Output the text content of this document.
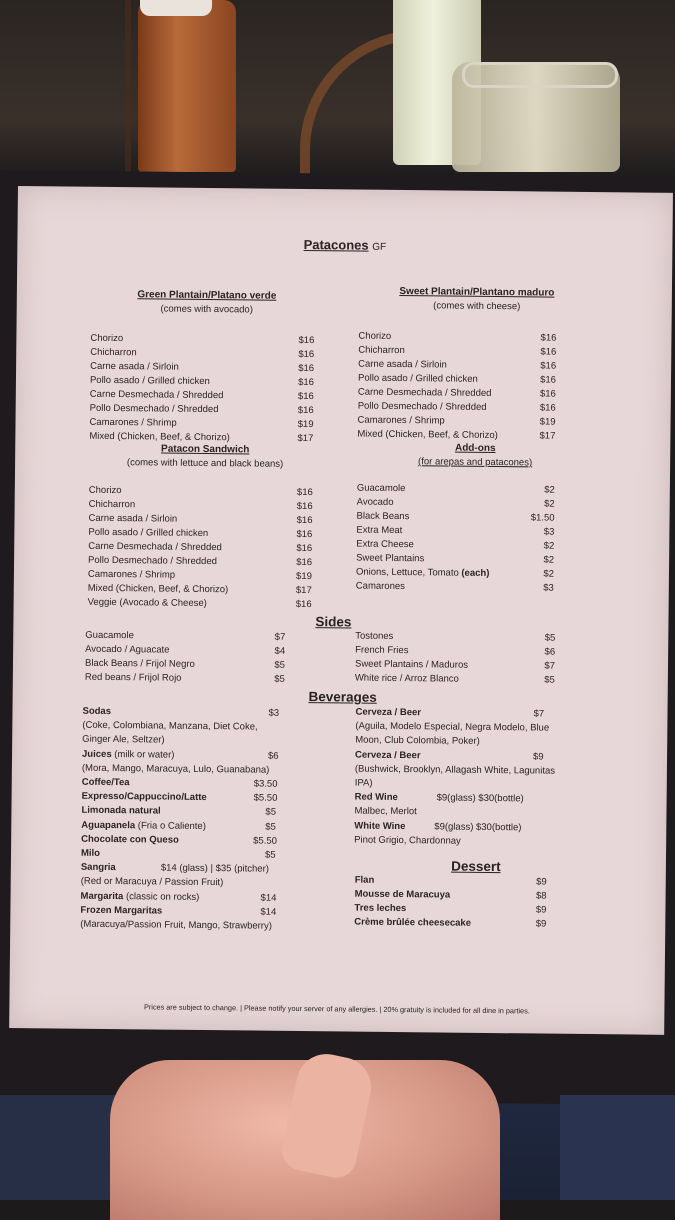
Patacones GF
Green Plantain/Platano verde
(comes with avocado)
Chorizo	$16
Chicharron	$16
Carne asada / Sirloin	$16
Pollo asado / Grilled chicken	$16
Carne Desmechada / Shredded	$16
Pollo Desmechado / Shredded	$16
Camarones / Shrimp	$19
Mixed (Chicken, Beef, & Chorizo)	$17
Sweet Plantain/Plantano maduro
(comes with cheese)
Chorizo	$16
Chicharron	$16
Carne asada / Sirloin	$16
Pollo asado / Grilled chicken	$16
Carne Desmechada / Shredded	$16
Pollo Desmechado / Shredded	$16
Camarones / Shrimp	$19
Mixed (Chicken, Beef, & Chorizo)	$17
Patacon Sandwich
(comes with lettuce and black beans)
Chorizo	$16
Chicharron	$16
Carne asada / Sirloin	$16
Pollo asado / Grilled chicken	$16
Carne Desmechada / Shredded	$16
Pollo Desmechado / Shredded	$16
Camarones / Shrimp	$19
Mixed (Chicken, Beef, & Chorizo)	$17
Veggie (Avocado & Cheese)	$16
Add-ons
(for arepas and patacones)
Guacamole	$2
Avocado	$2
Black Beans	$1.50
Extra Meat	$3
Extra Cheese	$2
Sweet Plantains	$2
Onions, Lettuce, Tomato (each)	$2
Camarones	$3
Sides
Guacamole	$7
Avocado / Aguacate	$4
Black Beans / Frijol Negro	$5
Red beans / Frijol Rojo	$5
Tostones	$5
French Fries	$6
Sweet Plantains / Maduros	$7
White rice / Arroz Blanco	$5
Beverages
Sodas	$3
(Coke, Colombiana, Manzana, Diet Coke,
Ginger Ale, Seltzer)
Juices (milk or water)	$6
(Mora, Mango, Maracuya, Lulo, Guanabana)
Coffee/Tea	$3.50
Expresso/Cappuccino/Latte	$5.50
Limonada natural	$5
Aguapanela (Fria o Caliente)	$5
Chocolate con Queso	$5.50
Milo	$5
Sangria	$14 (glass) | $35 (pitcher)
(Red or Maracuya / Passion Fruit)
Margarita (classic on rocks)	$14
Frozen Margaritas	$14
(Maracuya/Passion Fruit, Mango, Strawberry)
Cerveza / Beer	$7
(Aguila, Modelo Especial, Negra Modelo, Blue
Moon, Club Colombia, Poker)
Cerveza / Beer	$9
(Bushwick, Brooklyn, Allagash White, Lagunitas
IPA)
Red Wine	$9(glass) $30(bottle)
Malbec, Merlot
White Wine	$9(glass) $30(bottle)
Pinot Grigio, Chardonnay
Dessert
Flan	$9
Mousse de Maracuya	$8
Tres leches	$9
Crème brûlée cheesecake	$9
Prices are subject to change. | Please notify your server of any allergies. | 20% gratuity is included for all dine in parties.
